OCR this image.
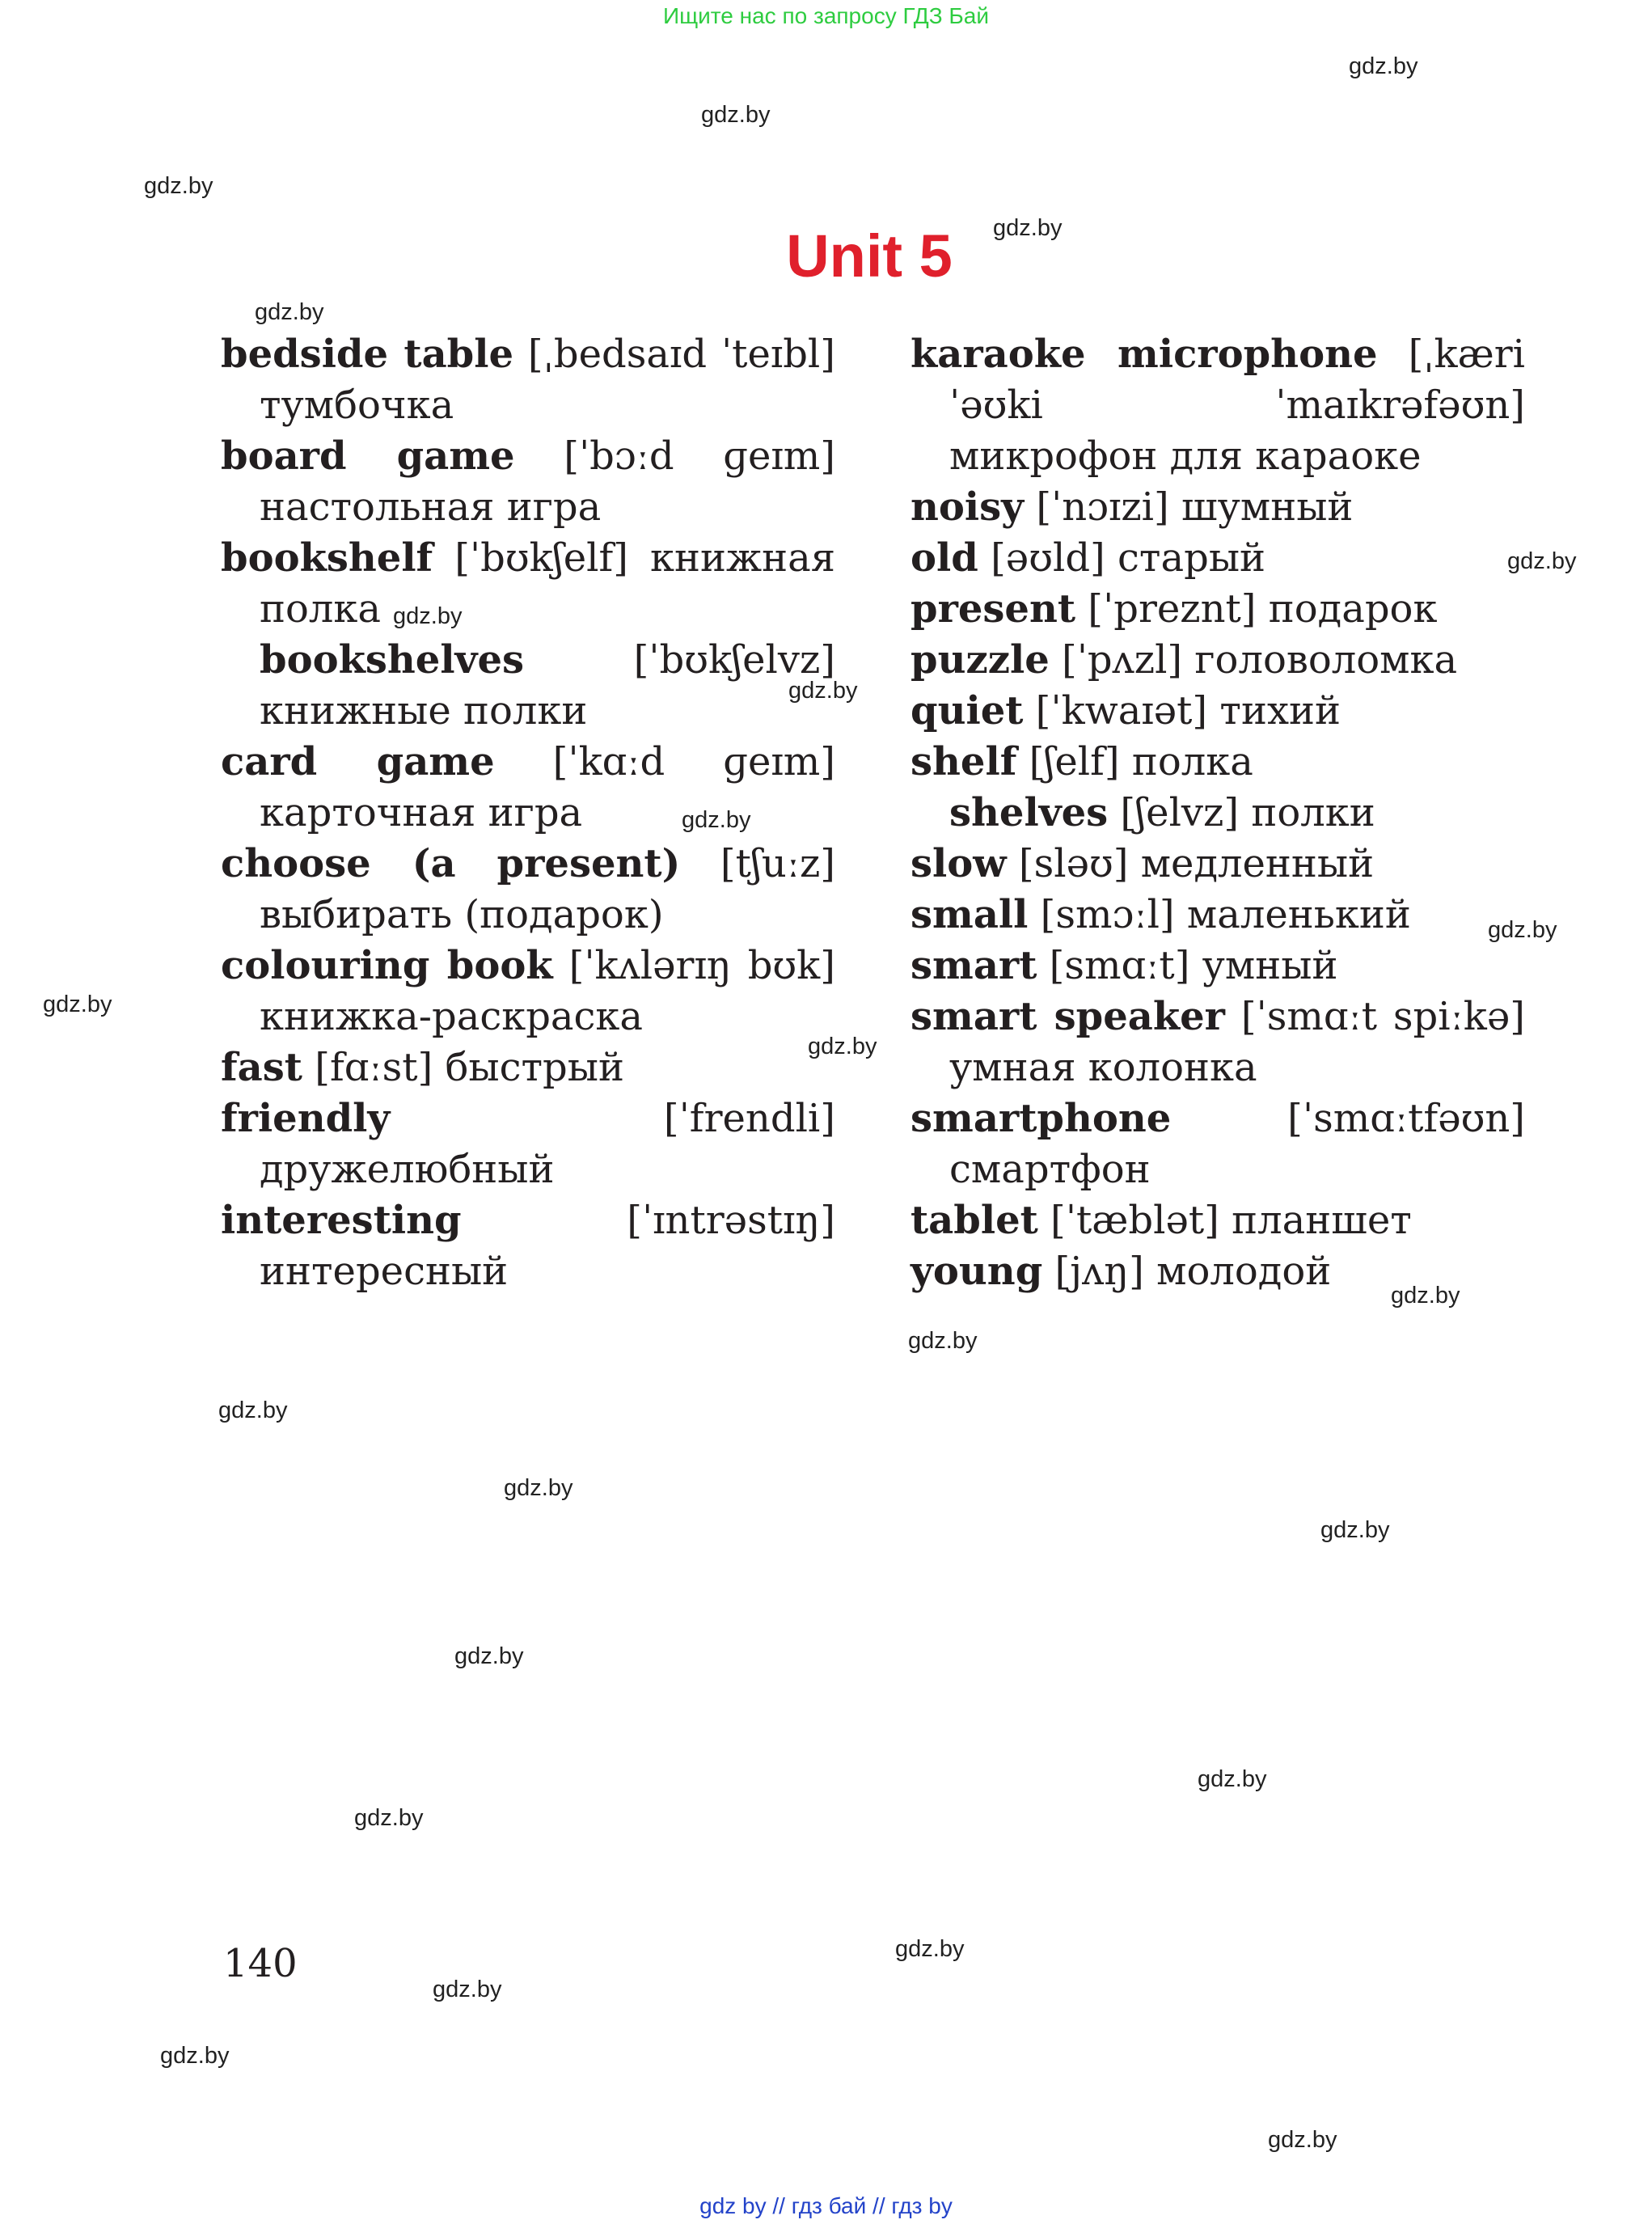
Ищите нас по запросу ГДЗ Бай
Unit 5
bedside table [ˌbedsaɪd ˈteɪbl] тумбочка
board game [ˈbɔːd ɡeɪm] настольная игра
bookshelf [ˈbʊkʃelf] книжная полка
bookshelves [ˈbʊkʃelvz] книжные полки
card game [ˈkɑːd ɡeɪm] карточная игра
choose (a present) [tʃuːz] выбирать (подарок)
colouring book [ˈkʌlərɪŋ bʊk] книжка-раскраска
fast [fɑːst] быстрый
friendly [ˈfrendli] дружелюбный
interesting [ˈɪntrəstɪŋ] интересный
karaoke microphone [ˌkæriˈəʊki ˈmaɪkrəfəʊn] микрофон для караоке
noisy [ˈnɔɪzi] шумный
old [əʊld] старый
present [ˈpreznt] подарок
puzzle [ˈpʌzl] головоломка
quiet [ˈkwaɪət] тихий
shelf [ʃelf] полка
shelves [ʃelvz] полки
slow [sləʊ] медленный
small [smɔːl] маленький
smart [smɑːt] умный
smart speaker [ˈsmɑːt spiːkə] умная колонка
smartphone [ˈsmɑːtfəʊn] смартфон
tablet [ˈtæblət] планшет
young [jʌŋ] молодой
140
gdz.by
gdz.by
gdz.by
gdz.by
gdz.by
gdz.by
gdz.by
gdz.by
gdz.by
gdz.by
gdz.by
gdz.by
gdz.by
gdz.by
gdz.by
gdz.by
gdz.by
gdz.by
gdz.by
gdz.by
gdz.by
gdz.by
gdz.by
gdz.by
gdz by // гдз бай // гдз by
